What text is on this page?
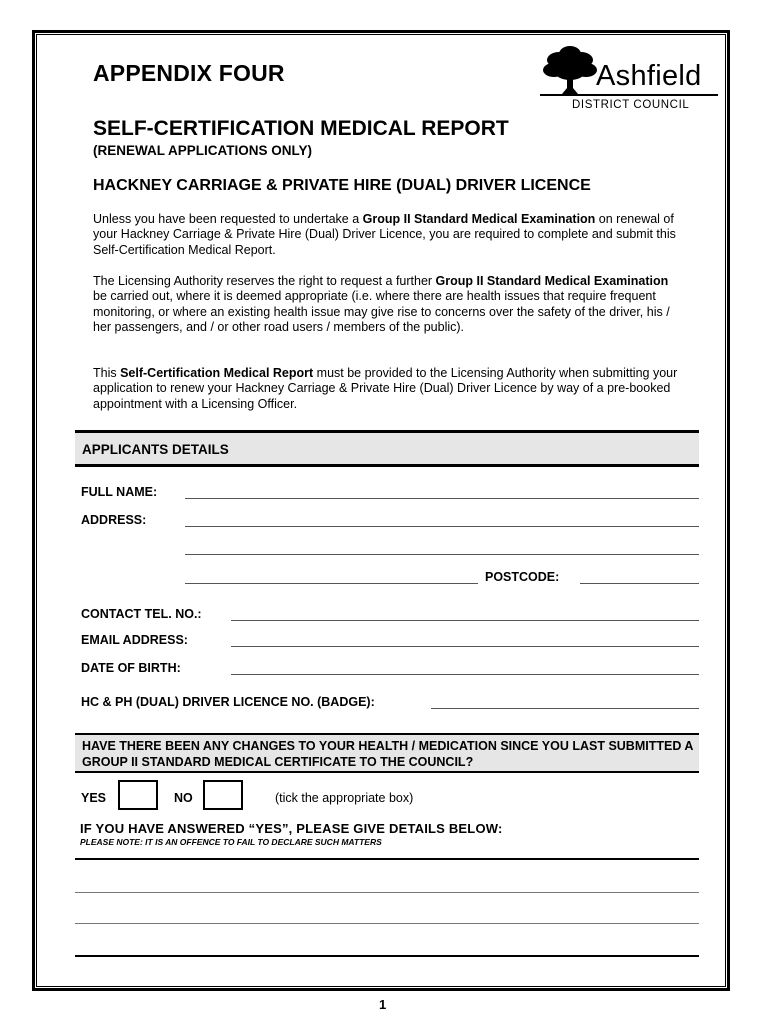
APPENDIX FOUR	Ashfield
DISTRICT COUNCIL
SELF-CERTIFICATION MEDICAL REPORT
(RENEWAL APPLICATIONS ONLY)
HACKNEY CARRIAGE & PRIVATE HIRE (DUAL) DRIVER LICENCE
Unless you have been requested to undertake a Group II Standard Medical Examination on renewal of your Hackney Carriage & Private Hire (Dual) Driver Licence, you are required to complete and submit this Self-Certification Medical Report.
The Licensing Authority reserves the right to request a further Group II Standard Medical Examination be carried out, where it is deemed appropriate (i.e. where there are health issues that require frequent monitoring, or where an existing health issue may give rise to concerns over the safety of the driver, his / her passengers, and / or other road users / members of the public).
This Self-Certification Medical Report must be provided to the Licensing Authority when submitting your application to renew your Hackney Carriage & Private Hire (Dual) Driver Licence by way of a pre-booked appointment with a Licensing Officer.
APPLICANTS DETAILS
FULL NAME:
ADDRESS:
POSTCODE:
CONTACT TEL. NO.:
EMAIL ADDRESS:
DATE OF BIRTH:
HC & PH (DUAL) DRIVER LICENCE NO. (BADGE):
HAVE THERE BEEN ANY CHANGES TO YOUR HEALTH / MEDICATION SINCE YOU LAST SUBMITTED A GROUP II STANDARD MEDICAL CERTIFICATE TO THE COUNCIL?
YES	NO	(tick the appropriate box)
IF YOU HAVE ANSWERED “YES”, PLEASE GIVE DETAILS BELOW:
PLEASE NOTE: IT IS AN OFFENCE TO FAIL TO DECLARE SUCH MATTERS
1
